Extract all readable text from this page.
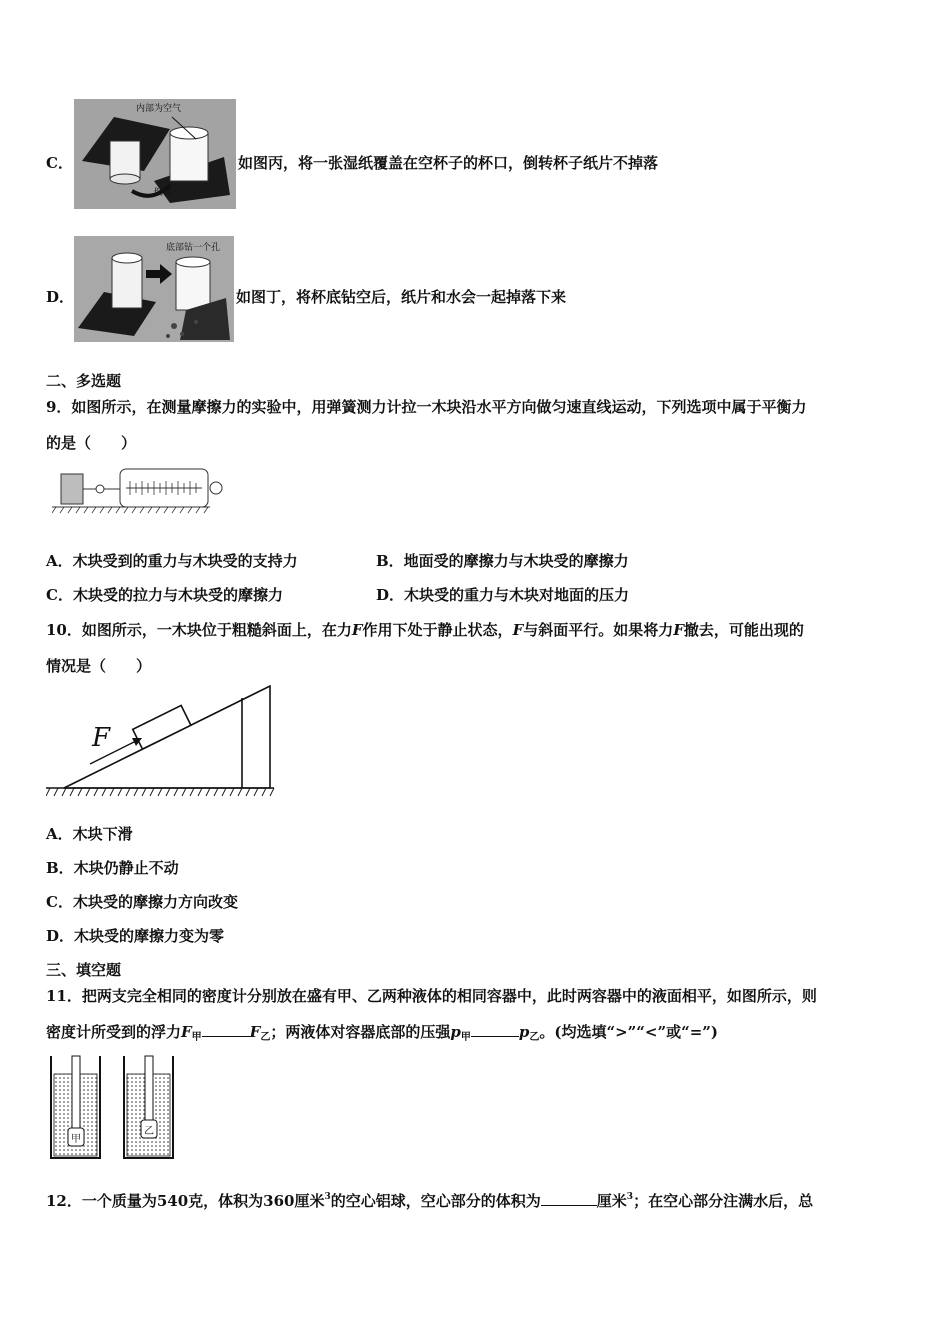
C．
内部为空气
倒转
如图丙，将一张湿纸覆盖在空杯子的杯口，倒转杯子纸片不掉落
D．
底部钻一个孔
如图丁，将杯底钻空后，纸片和水会一起掉落下来
二、多选题
9．如图所示，在测量摩擦力的实验中，用弹簧测力计拉一木块沿水平方向做匀速直线运动，下列选项中属于平衡力
的是（　　）
A．木块受到的重力与木块受的支持力	B．地面受的摩擦力与木块受的摩擦力
C．木块受的拉力与木块受的摩擦力	D．木块受的重力与木块对地面的压力
10．如图所示，一木块位于粗糙斜面上，在力F作用下处于静止状态，F与斜面平行。如果将力F撤去，可能出现的
情况是（　　）
F
A．木块下滑
B．木块仍静止不动
C．木块受的摩擦力方向改变
D．木块受的摩擦力变为零
三、填空题
11．把两支完全相同的密度计分别放在盛有甲、乙两种液体的相同容器中，此时两容器中的液面相平，如图所示，则
密度计所受到的浮力$F_甲$	$F_乙$；两液体对容器底部的压强$p_甲$	$p_乙$。(均选填“>”“<”或“=”)
甲
乙
12．一个质量为540克，体积为360厘米$^3$的空心铝球，空心部分的体积为	厘米$^3$；在空心部分注满水后，总
